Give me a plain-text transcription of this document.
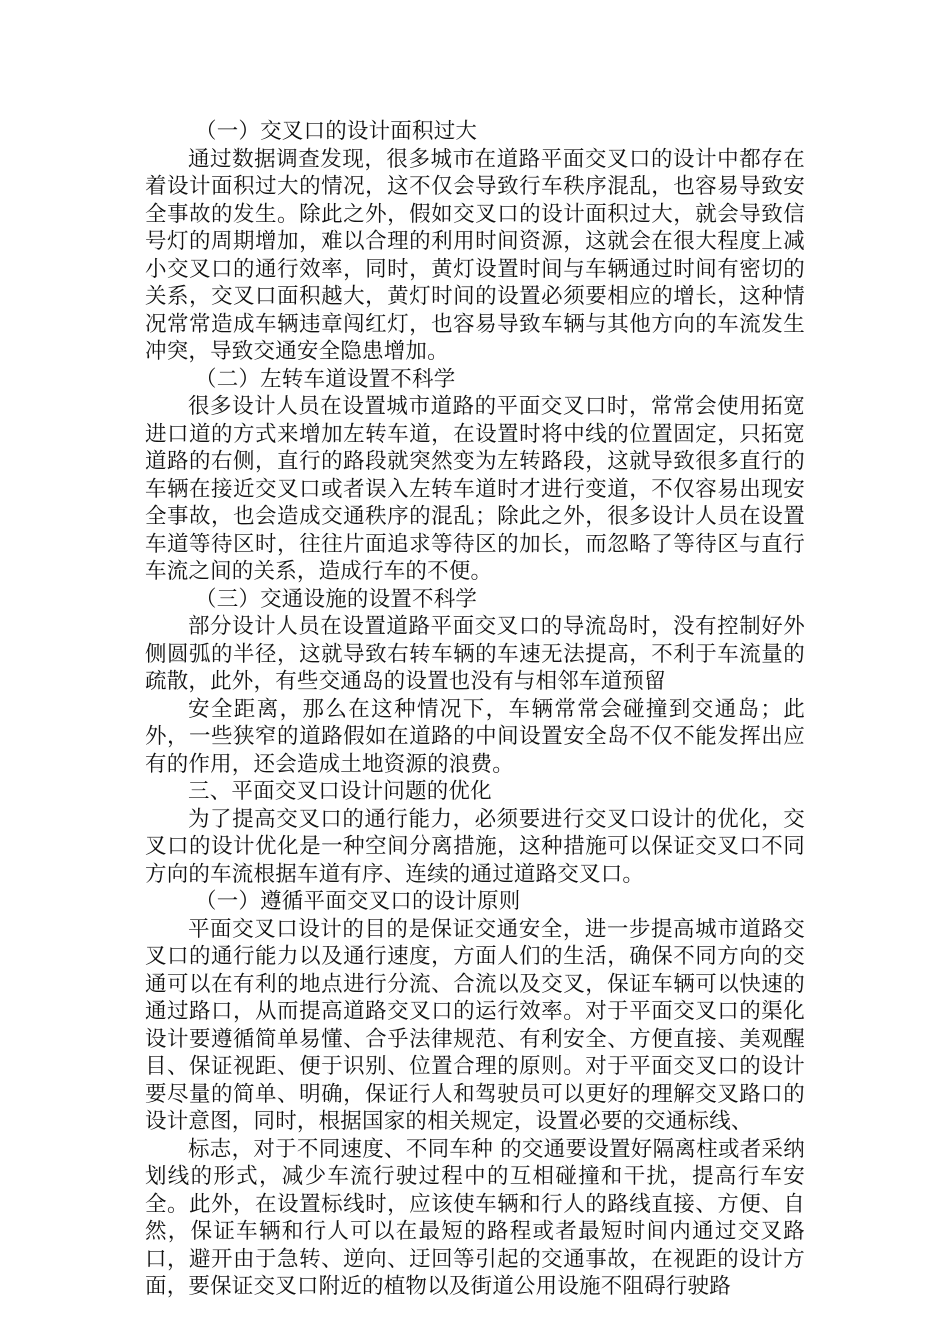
（一）交叉口的设计面积过大
通过数据调查发现，很多城市在道路平面交叉口的设计中都存在着设计面积过大的情况，这不仅会导致行车秩序混乱，也容易导致安全事故的发生。除此之外，假如交叉口的设计面积过大，就会导致信号灯的周期增加，难以合理的利用时间资源，这就会在很大程度上减小交叉口的通行效率，同时，黄灯设置时间与车辆通过时间有密切的关系，交叉口面积越大，黄灯时间的设置必须要相应的增长，这种情况常常造成车辆违章闯红灯，也容易导致车辆与其他方向的车流发生冲突，导致交通安全隐患增加。
（二）左转车道设置不科学
很多设计人员在设置城市道路的平面交叉口时，常常会使用拓宽进口道的方式来增加左转车道，在设置时将中线的位置固定，只拓宽道路的右侧，直行的路段就突然变为左转路段，这就导致很多直行的车辆在接近交叉口或者误入左转车道时才进行变道，不仅容易出现安全事故，也会造成交通秩序的混乱；除此之外，很多设计人员在设置车道等待区时，往往片面追求等待区的加长，而忽略了等待区与直行车流之间的关系，造成行车的不便。
（三）交通设施的设置不科学
部分设计人员在设置道路平面交叉口的导流岛时，没有控制好外侧圆弧的半径，这就导致右转车辆的车速无法提高，不利于车流量的疏散，此外，有些交通岛的设置也没有与相邻车道预留
安全距离，那么在这种情况下，车辆常常会碰撞到交通岛；此外，一些狭窄的道路假如在道路的中间设置安全岛不仅不能发挥出应有的作用，还会造成土地资源的浪费。
三、平面交叉口设计问题的优化
为了提高交叉口的通行能力，必须要进行交叉口设计的优化，交叉口的设计优化是一种空间分离措施，这种措施可以保证交叉口不同方向的车流根据车道有序、连续的通过道路交叉口。
（一）遵循平面交叉口的设计原则
平面交叉口设计的目的是保证交通安全，进一步提高城市道路交叉口的通行能力以及通行速度，方面人们的生活，确保不同方向的交通可以在有利的地点进行分流、合流以及交叉，保证车辆可以快速的通过路口，从而提高道路交叉口的运行效率。对于平面交叉口的渠化设计要遵循简单易懂、合乎法律规范、有利安全、方便直接、美观醒目、保证视距、便于识别、位置合理的原则。对于平面交叉口的设计要尽量的简单、明确，保证行人和驾驶员可以更好的理解交叉路口的设计意图，同时，根据国家的相关规定，设置必要的交通标线、
标志，对于不同速度、不同车种 的交通要设置好隔离柱或者采纳划线的形式，减少车流行驶过程中的互相碰撞和干扰，提高行车安全。此外，在设置标线时，应该使车辆和行人的路线直接、方便、自然，保证车辆和行人可以在最短的路程或者最短时间内通过交叉路口，避开由于急转、逆向、迂回等引起的交通事故，在视距的设计方面，要保证交叉口附近的植物以及街道公用设施不阻碍行驶路
